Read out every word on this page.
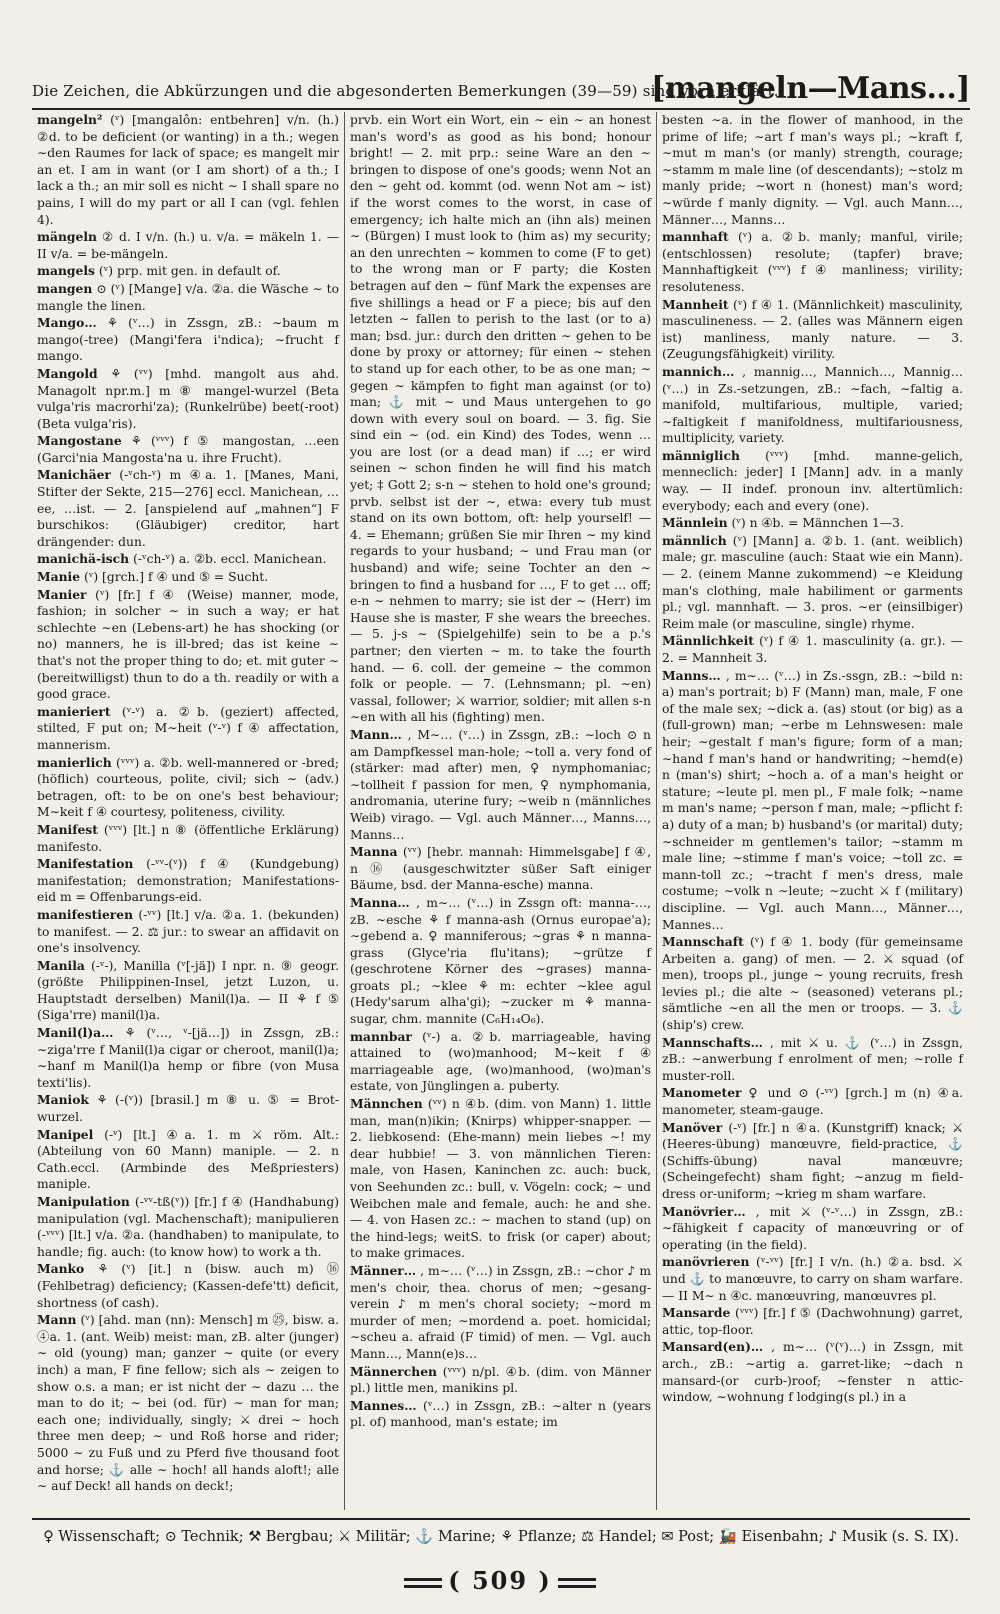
Die Zeichen, die Abkürzungen und die abgesonderten Bemerkungen (39—59) sind vorn erklärt.
[mangeln—Mans...]

mangeln² (ᵛ) [mangalôn: entbehren] v/n. (h.) ②d. to be deficient (or wanting) in a th.; wegen ∼den Raumes for lack of space; es mangelt mir an et. I am in want (or I am short) of a th.; I lack a th.; an mir soll es nicht ∼ I shall spare no pains, I will do my part or all I can (vgl. fehlen 4).

mängeln ② d. I v/n. (h.) u. v/a. = mäkeln 1. — II v/a. = be-mängeln.

mangels (ᵛ) prp. mit gen. in default of.

mangen ⊙ (ᵛ) [Mange] v/a. ②a. die Wäsche ∼ to mangle the linen.

Mango… ⚘ (ᵛ…) in Zssgn, zB.: ∼baum m mango(-tree) (Mangi'fera i'ndica); ∼frucht f mango.

Mangold ⚘ (ᵛᵛ) [mhd. mangolt aus ahd. Managolt npr.m.] m ⑧ mangel-wurzel (Beta vulga'ris macrorhi'za); (Runkelrübe) beet(-root) (Beta vulga'ris).

Mangostane ⚘ (ᵛᵛᵛ) f ⑤ mangostan, …een (Garci'nia Mangosta'na u. ihre Frucht).

Manichäer (-ᵛch-ᵛ) m ④a. 1. [Manes, Mani, Stifter der Sekte, 215—276] eccl. Manichean, …ee, …ist. — 2. [anspielend auf „mahnen“] F burschikos: (Gläubiger) creditor, hart drängender: dun.

manichä-isch (-ᵛch-ᵛ) a. ②b. eccl. Manichean.

Manie (ᵛ) [grch.] f ④ und ⑤ = Sucht.

Manier (ᵛ) [fr.] f ④ (Weise) manner, mode, fashion; in solcher ∼ in such a way; er hat schlechte ∼en (Lebens-art) he has shocking (or no) manners, he is ill-bred; das ist keine ∼ that's not the proper thing to do; et. mit guter ∼ (bereitwilligst) thun to do a th. readily or with a good grace.

manieriert (ᵛ-ᵛ) a. ②b. (geziert) affected, stilted, F put on; M∼heit (ᵛ-ᵛ) f ④ affectation, mannerism.

manierlich (ᵛᵛᵛ) a. ②b. well-mannered or -bred; (höflich) courteous, polite, civil; sich ∼ (adv.) betragen, oft: to be on one's best behaviour; M∼keit f ④ courtesy, politeness, civility.

Manifest (ᵛᵛᵛ) [lt.] n ⑧ (öffentliche Erklärung) manifesto.

Manifestation (-ᵛᵛ-(ᵛ)) f ④ (Kundgebung) manifestation; demonstration; Manifestations-eid m = Offenbarungs-eid.

manifestieren (-ᵛᵛ) [lt.] v/a. ②a. 1. (bekunden) to manifest. — 2. ⚖ jur.: to swear an affidavit on one's insolvency.

Manila (-ᵛ-), Manilla (ᵛ[-jä]) I npr. n. ⑨ geogr. (größte Philippinen-Insel, jetzt Luzon, u. Hauptstadt derselben) Manil(l)a. — II ⚘ f ⑤ (Siga'rre) manil(l)a.

Manil(l)a… ⚘ (ᵛ…, ᵛ-[jä…]) in Zssgn, zB.: ∼ziga'rre f Manil(l)a cigar or cheroot, manil(l)a; ∼hanf m Manil(l)a hemp or fibre (von Musa texti'lis).

Maniok ⚘ (-(ᵛ)) [brasil.] m ⑧ u. ⑤ = Brot-wurzel.

Manipel (-ᵛ) [lt.] ④a. 1. m ⚔ röm. Alt.: (Abteilung von 60 Mann) maniple. — 2. n Cath.eccl. (Armbinde des Meßpriesters) maniple.

Manipulation (-ᵛᵛ-tß(ᵛ)) [fr.] f ④ (Handhabung) manipulation (vgl. Machenschaft); manipulieren (-ᵛᵛᵛ) [lt.] v/a. ②a. (handhaben) to manipulate, to handle; fig. auch: (to know how) to work a th.

Manko ⚘ (ᵛ) [it.] n (bisw. auch m) ⑯ (Fehlbetrag) deficiency; (Kassen-defe'tt) deficit, shortness (of cash).

Mann (ᵛ) [ahd. man (nn): Mensch] m ㉕, bisw. a. ④a. 1. (ant. Weib) meist: man, zB. alter (junger) ∼ old (young) man; ganzer ∼ quite (or every inch) a man, F fine fellow; sich als ∼ zeigen to show o.s. a man; er ist nicht der ∼ dazu … the man to do it; ∼ bei (od. für) ∼ man for man; each one; individually, singly; ⚔ drei ∼ hoch three men deep; ∼ und Roß horse and rider; 5000 ∼ zu Fuß und zu Pferd five thousand foot and horse; ⚓ alle ∼ hoch! all hands aloft!; alle ∼ auf Deck! all hands on deck!;

prvb. ein Wort ein Wort, ein ∼ ein ∼ an honest man's word's as good as his bond; honour bright! — 2. mit prp.: seine Ware an den ∼ bringen to dispose of one's goods; wenn Not an den ∼ geht od. kommt (od. wenn Not am ∼ ist) if the worst comes to the worst, in case of emergency; ich halte mich an (ihn als) meinen ∼ (Bürgen) I must look to (him as) my security; an den unrechten ∼ kommen to come (F to get) to the wrong man or F party; die Kosten betragen auf den ∼ fünf Mark the expenses are five shillings a head or F a piece; bis auf den letzten ∼ fallen to perish to the last (or to a) man; bsd. jur.: durch den dritten ∼ gehen to be done by proxy or attorney; für einen ∼ stehen to stand up for each other, to be as one man; ∼ gegen ∼ kämpfen to fight man against (or to) man; ⚓ mit ∼ und Maus untergehen to go down with every soul on board. — 3. fig. Sie sind ein ∼ (od. ein Kind) des Todes, wenn … you are lost (or a dead man) if …; er wird seinen ∼ schon finden he will find his match yet; ‡ Gott 2; s-n ∼ stehen to hold one's ground; prvb. selbst ist der ∼, etwa: every tub must stand on its own bottom, oft: help yourself! — 4. = Ehemann; grüßen Sie mir Ihren ∼ my kind regards to your husband; ∼ und Frau man (or husband) and wife; seine Tochter an den ∼ bringen to find a husband for …, F to get … off; e-n ∼ nehmen to marry; sie ist der ∼ (Herr) im Hause she is master, F she wears the breeches. — 5. j-s ∼ (Spielgehilfe) sein to be a p.'s partner; den vierten ∼ m. to take the fourth hand. — 6. coll. der gemeine ∼ the common folk or people. — 7. (Lehnsmann; pl. ∼en) vassal, follower; ⚔ warrior, soldier; mit allen s-n ∼en with all his (fighting) men.

Mann… , M∼… (ᵛ…) in Zssgn, zB.: ∼loch ⊙ n am Dampfkessel man-hole; ∼toll a. very fond of (stärker: mad after) men, ♀ nymphomaniac; ∼tollheit f passion for men, ♀ nymphomania, andromania, uterine fury; ∼weib n (männliches Weib) virago. — Vgl. auch Männer…, Manns…, Manns…

Manna (ᵛᵛ) [hebr. mannah: Himmelsgabe] f ④, n ⑯ (ausgeschwitzter süßer Saft einiger Bäume, bsd. der Manna-esche) manna.

Manna… , m∼… (ᵛ…) in Zssgn oft: manna-…, zB. ∼esche ⚘ f manna-ash (Ornus europae'a); ∼gebend a. ♀ manniferous; ∼gras ⚘ n manna-grass (Glyce'ria flu'itans); ∼grütze f (geschrotene Körner des ∼grases) manna-groats pl.; ∼klee ⚘ m: echter ∼klee agul (Hedy'sarum alha'gi); ∼zucker m ⚘ manna-sugar, chm. mannite (C₆H₁₄O₆).

mannbar (ᵛ-) a. ②b. marriageable, having attained to (wo)manhood; M∼keit f ④ marriageable age, (wo)manhood, (wo)man's estate, von Jünglingen a. puberty.

Männchen (ᵛᵛ) n ④b. (dim. von Mann) 1. little man, man(n)ikin; (Knirps) whipper-snapper. — 2. liebkosend: (Ehe-mann) mein liebes ∼! my dear hubbie! — 3. von männlichen Tieren: male, von Hasen, Kaninchen zc. auch: buck, von Seehunden zc.: bull, v. Vögeln: cock; ∼ und Weibchen male and female, auch: he and she. — 4. von Hasen zc.: ∼ machen to stand (up) on the hind-legs; weitS. to frisk (or caper) about; to make grimaces.

Männer… , m∼… (ᵛ…) in Zssgn, zB.: ∼chor ♪ m men's choir, thea. chorus of men; ∼gesang-verein ♪ m men's choral society; ∼mord m murder of men; ∼mordend a. poet. homicidal; ∼scheu a. afraid (F timid) of men. — Vgl. auch Mann…, Mann(e)s…

Männerchen (ᵛᵛᵛ) n/pl. ④b. (dim. von Männer pl.) little men, manikins pl.

Mannes… (ᵛ…) in Zssgn, zB.: ∼alter n (years pl. of) manhood, man's estate; im

besten ∼a. in the flower of manhood, in the prime of life; ∼art f man's ways pl.; ∼kraft f, ∼mut m man's (or manly) strength, courage; ∼stamm m male line (of descendants); ∼stolz m manly pride; ∼wort n (honest) man's word; ∼würde f manly dignity. — Vgl. auch Mann…, Männer…, Manns…

mannhaft (ᵛ) a. ②b. manly; manful, virile; (entschlossen) resolute; (tapfer) brave; Mannhaftigkeit (ᵛᵛᵛ) f ④ manliness; virility; resoluteness.

Mannheit (ᵛ) f ④ 1. (Männlichkeit) masculinity, masculineness. — 2. (alles was Männern eigen ist) manliness, manly nature. — 3. (Zeugungsfähigkeit) virility.

mannich… , mannig…, Mannich…, Mannig… (ᵛ…) in Zs.-setzungen, zB.: ∼fach, ∼faltig a. manifold, multifarious, multiple, varied; ∼faltigkeit f manifoldness, multifariousness, multiplicity, variety.

männiglich (ᵛᵛᵛ) [mhd. manne-gelich, menneclich: jeder] I [Mann] adv. in a manly way. — II indef. pronoun inv. altertümlich: everybody; each and every (one).

Männlein (ᵛ) n ④b. = Männchen 1—3.

männlich (ᵛ) [Mann] a. ②b. 1. (ant. weiblich) male; gr. masculine (auch: Staat wie ein Mann). — 2. (einem Manne zukommend) ∼e Kleidung man's clothing, male habiliment or garments pl.; vgl. mannhaft. — 3. pros. ∼er (einsilbiger) Reim male (or masculine, single) rhyme.

Männlichkeit (ᵛ) f ④ 1. masculinity (a. gr.). — 2. = Mannheit 3.

Manns… , m∼… (ᵛ…) in Zs.-ssgn, zB.: ∼bild n: a) man's portrait; b) F (Mann) man, male, F one of the male sex; ∼dick a. (as) stout (or big) as a (full-grown) man; ∼erbe m Lehnswesen: male heir; ∼gestalt f man's figure; form of a man; ∼hand f man's hand or handwriting; ∼hemd(e) n (man's) shirt; ∼hoch a. of a man's height or stature; ∼leute pl. men pl., F male folk; ∼name m man's name; ∼person f man, male; ∼pflicht f: a) duty of a man; b) husband's (or marital) duty; ∼schneider m gentlemen's tailor; ∼stamm m male line; ∼stimme f man's voice; ∼toll zc. = mann-toll zc.; ∼tracht f men's dress, male costume; ∼volk n ∼leute; ∼zucht ⚔ f (military) discipline. — Vgl. auch Mann…, Männer…, Mannes…

Mannschaft (ᵛ) f ④ 1. body (für gemeinsame Arbeiten a. gang) of men. — 2. ⚔ squad (of men), troops pl., junge ∼ young recruits, fresh levies pl.; die alte ∼ (seasoned) veterans pl.; sämtliche ∼en all the men or troops. — 3. ⚓ (ship's) crew.

Mannschafts… , mit ⚔ u. ⚓ (ᵛ…) in Zssgn, zB.: ∼anwerbung f enrolment of men; ∼rolle f muster-roll.

Manometer ♀ und ⊙ (-ᵛᵛ) [grch.] m (n) ④a. manometer, steam-gauge.

Manöver (-ᵛ) [fr.] n ④a. (Kunstgriff) knack; ⚔ (Heeres-übung) manœuvre, field-practice, ⚓ (Schiffs-übung) naval manœuvre; (Scheingefecht) sham fight; ∼anzug m field-dress or-uniform; ∼krieg m sham warfare.

Manövrier… , mit ⚔ (ᵛ-ᵛ…) in Zssgn, zB.: ∼fähigkeit f capacity of manœuvring or of operating (in the field).

manövrieren (ᵛ-ᵛᵛ) [fr.] I v/n. (h.) ②a. bsd. ⚔ und ⚓ to manœuvre, to carry on sham warfare. — II M∼ n ④c. manœuvring, manœuvres pl.

Mansarde (ᵛᵛᵛ) [fr.] f ⑤ (Dachwohnung) garret, attic, top-floor.

Mansard(en)… , m∼… (ᵛ(ᵛ)…) in Zssgn, mit arch., zB.: ∼artig a. garret-like; ∼dach n mansard-(or curb-)roof; ∼fenster n attic-window, ∼wohnung f lodging(s pl.) in a

♀ Wissenschaft; ⊙ Technik; ⚒ Bergbau; ⚔ Militär; ⚓ Marine; ⚘ Pflanze; ⚖ Handel; ✉ Post; 🚂 Eisenbahn; ♪ Musik (s. S. IX).
( 509 )
